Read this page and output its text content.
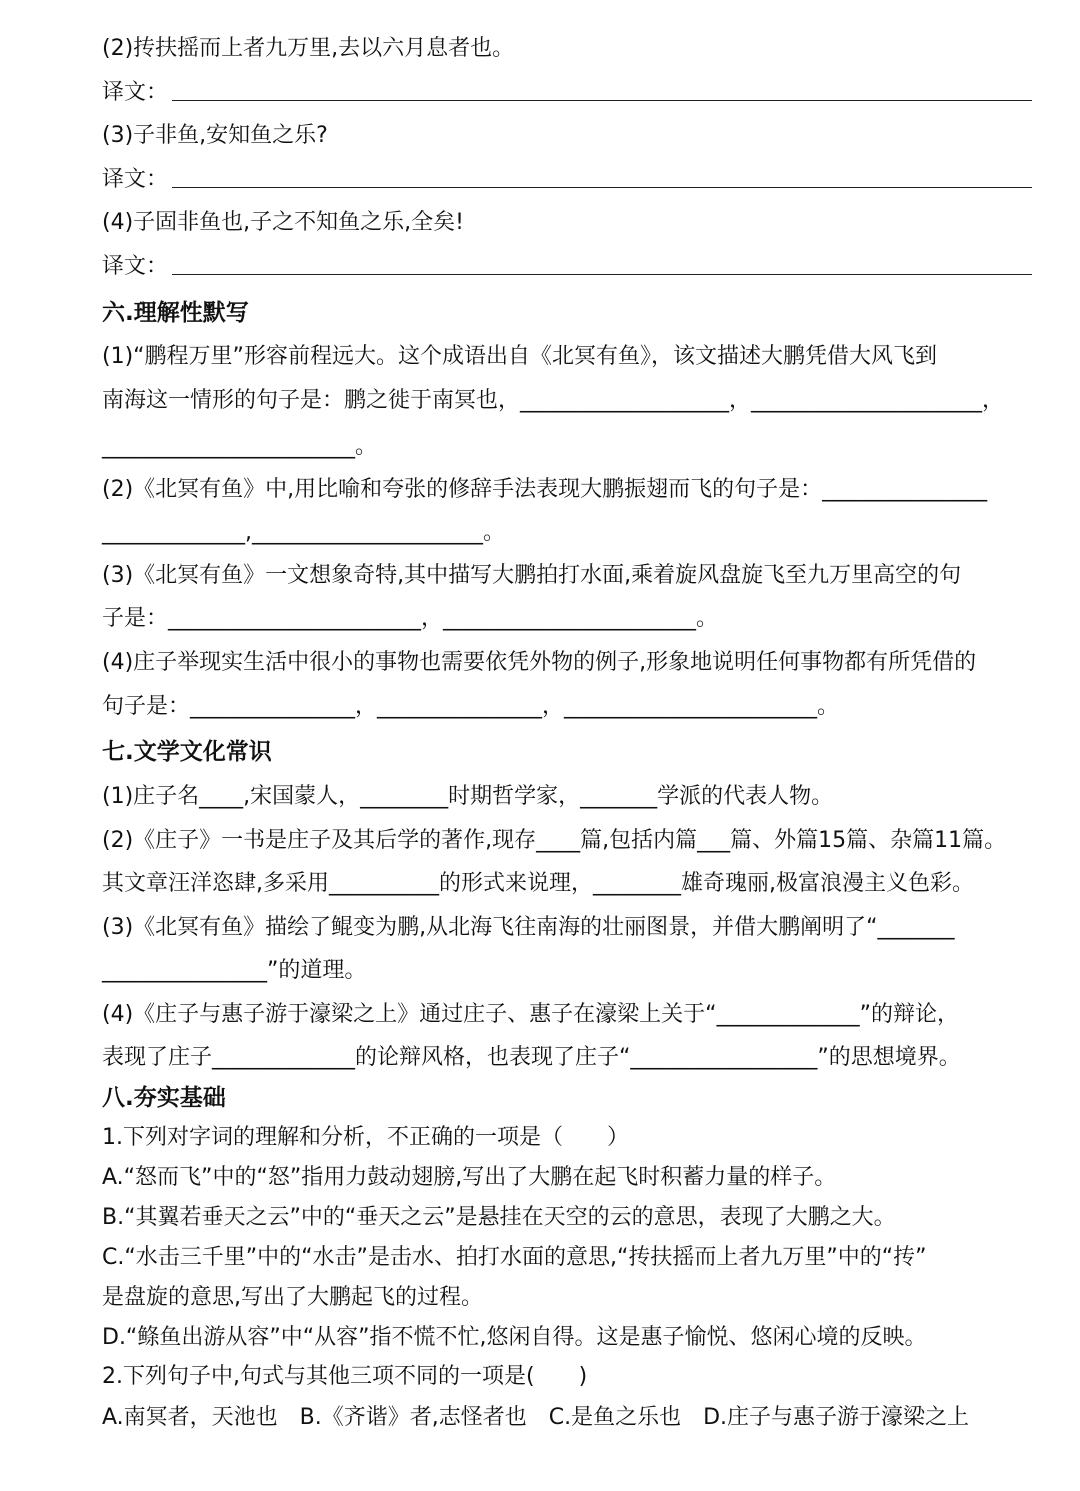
(2)抟扶摇而上者九万里,去以六月息者也。
译文：
(3)子非鱼,安知鱼之乐?
译文：
(4)子固非鱼也,子之不知鱼之乐,全矣!
译文：
六.理解性默写
(1)“鹏程万里”形容前程远大。这个成语出自《北冥有鱼》，该文描述大鹏凭借大风飞到
南海这一情形的句子是：鹏之徙于南冥也，___________________，_____________________，
_______________________。
(2)《北冥有鱼》中,用比喻和夸张的修辞手法表现大鹏振翅而飞的句子是：_______________
_____________,_____________________。
(3)《北冥有鱼》一文想象奇特,其中描写大鹏拍打水面,乘着旋风盘旋飞至九万里高空的句
子是：_______________________，_______________________。
(4)庄子举现实生活中很小的事物也需要依凭外物的例子,形象地说明任何事物都有所凭借的
句子是：_______________，_______________，_______________________。
七.文学文化常识
(1)庄子名____,宋国蒙人，________时期哲学家，_______学派的代表人物。
(2)《庄子》一书是庄子及其后学的著作,现存____篇,包括内篇___篇、外篇15篇、杂篇11篇。
其文章汪洋恣肆,多采用__________的形式来说理，________雄奇瑰丽,极富浪漫主义色彩。
(3)《北冥有鱼》描绘了鲲变为鹏,从北海飞往南海的壮丽图景，并借大鹏阐明了“_______
_______________”的道理。
(4)《庄子与惠子游于濠梁之上》通过庄子、惠子在濠梁上关于“_____________”的辩论，
表现了庄子_____________的论辩风格，也表现了庄子“_________________”的思想境界。
八.夯实基础
1.下列对字词的理解和分析，不正确的一项是（　　）
A.“怒而飞”中的“怒”指用力鼓动翅膀,写出了大鹏在起飞时积蓄力量的样子。
B.“其翼若垂天之云”中的“垂天之云”是悬挂在天空的云的意思，表现了大鹏之大。
C.“水击三千里”中的“水击”是击水、拍打水面的意思,“抟扶摇而上者九万里”中的“抟”
是盘旋的意思,写出了大鹏起飞的过程。
D.“鲦鱼出游从容”中“从容”指不慌不忙,悠闲自得。这是惠子愉悦、悠闲心境的反映。
2.下列句子中,句式与其他三项不同的一项是(　　)
A.南冥者，天池也　B.《齐谐》者,志怪者也　C.是鱼之乐也　D.庄子与惠子游于濠梁之上
